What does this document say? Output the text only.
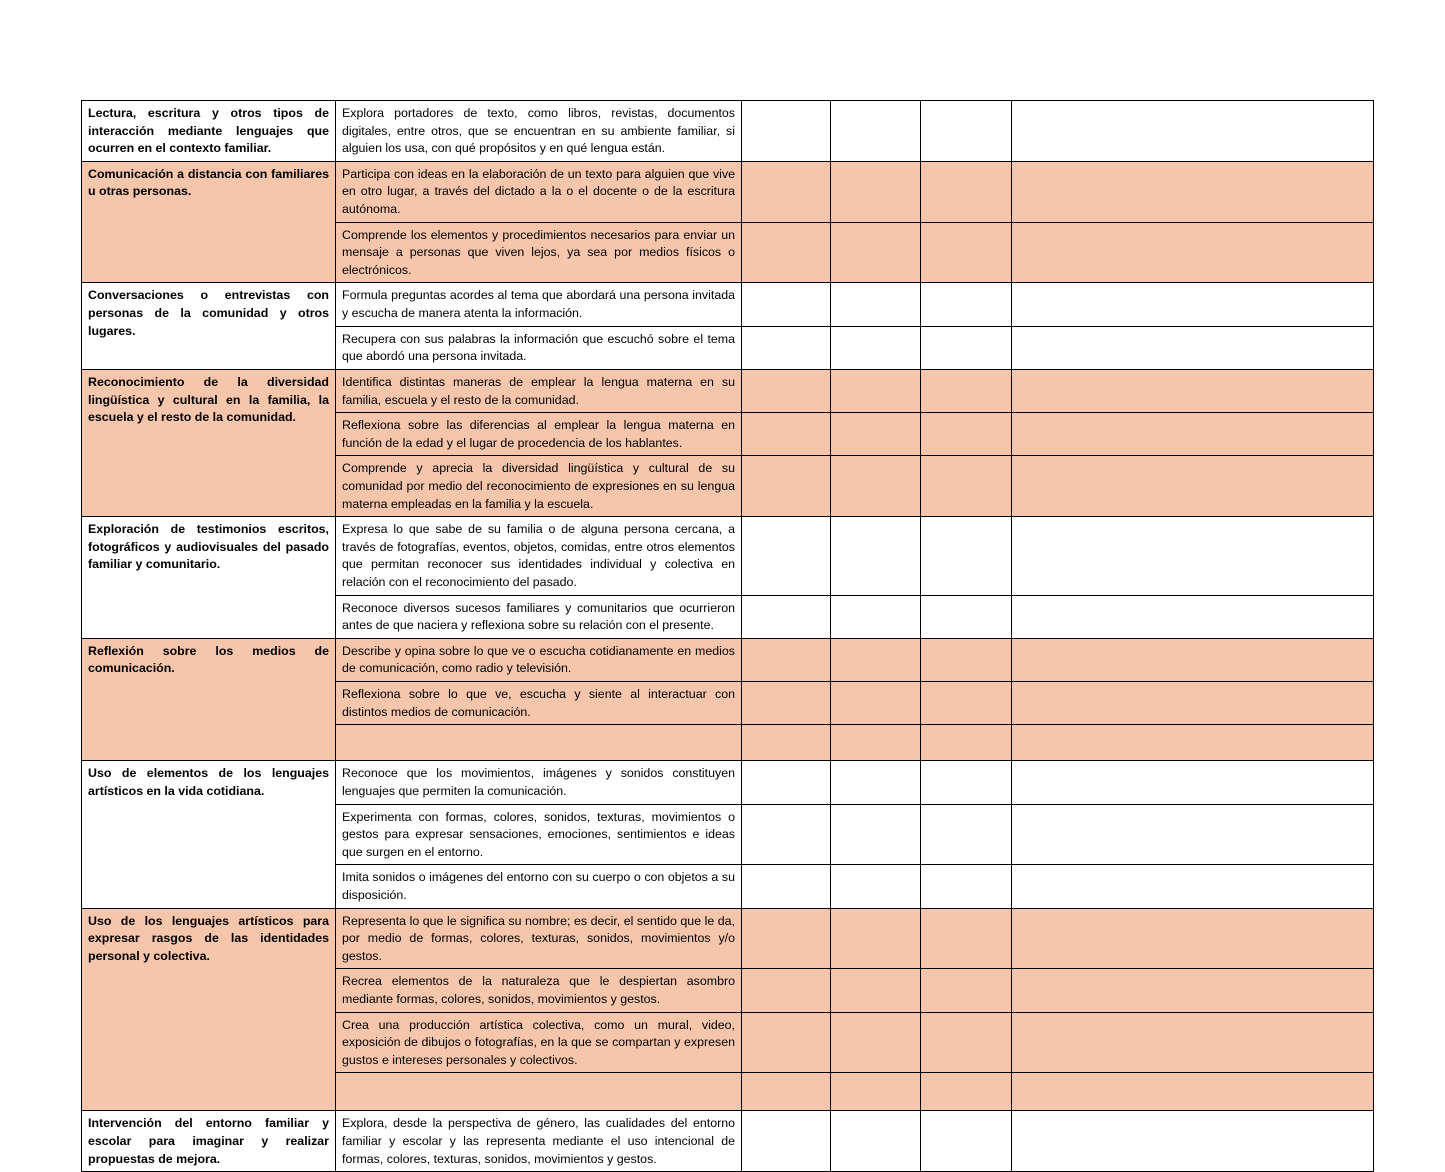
Lectura, escritura y otros tipos de interacción mediante lenguajes que ocurren en el contexto familiar.	Explora portadores de texto, como libros, revistas, documentos digitales, entre otros, que se encuentran en su ambiente familiar, si alguien los usa, con qué propósitos y en qué lengua están.				
Comunicación a distancia con familiares u otras personas.	Participa con ideas en la elaboración de un texto para alguien que vive en otro lugar, a través del dictado a la o el docente o de la escritura autónoma.				
	Comprende los elementos y procedimientos necesarios para enviar un mensaje a personas que viven lejos, ya sea por medios físicos o electrónicos.				
Conversaciones o entrevistas con personas de la comunidad y otros lugares.	Formula preguntas acordes al tema que abordará una persona invitada y escucha de manera atenta la información.				
	Recupera con sus palabras la información que escuchó sobre el tema que abordó una persona invitada.				
Reconocimiento de la diversidad lingüística y cultural en la familia, la escuela y el resto de la comunidad.	Identifica distintas maneras de emplear la lengua materna en su familia, escuela y el resto de la comunidad.				
	Reflexiona sobre las diferencias al emplear la lengua materna en función de la edad y el lugar de procedencia de los hablantes.				
	Comprende y aprecia la diversidad lingüística y cultural de su comunidad por medio del reconocimiento de expresiones en su lengua materna empleadas en la familia y la escuela.				
Exploración de testimonios escritos, fotográficos y audiovisuales del pasado familiar y comunitario.	Expresa lo que sabe de su familia o de alguna persona cercana, a través de fotografías, eventos, objetos, comidas, entre otros elementos que permitan reconocer sus identidades individual y colectiva en relación con el reconocimiento del pasado.				
	Reconoce diversos sucesos familiares y comunitarios que ocurrieron antes de que naciera y reflexiona sobre su relación con el presente.				
Reflexión sobre los medios de comunicación.	Describe y opina sobre lo que ve o escucha cotidianamente en medios de comunicación, como radio y televisión.				
	Reflexiona sobre lo que ve, escucha y siente al interactuar con distintos medios de comunicación.				

Uso de elementos de los lenguajes artísticos en la vida cotidiana.	Reconoce que los movimientos, imágenes y sonidos constituyen lenguajes que permiten la comunicación.				
	Experimenta con formas, colores, sonidos, texturas, movimientos o gestos para expresar sensaciones, emociones, sentimientos e ideas que surgen en el entorno.				
	Imita sonidos o imágenes del entorno con su cuerpo o con objetos a su disposición.				
Uso de los lenguajes artísticos para expresar rasgos de las identidades personal y colectiva.	Representa lo que le significa su nombre; es decir, el sentido que le da, por medio de formas, colores, texturas, sonidos, movimientos y/o gestos.				
	Recrea elementos de la naturaleza que le despiertan asombro mediante formas, colores, sonidos, movimientos y gestos.				
	Crea una producción artística colectiva, como un mural, video, exposición de dibujos o fotografías, en la que se compartan y expresen gustos e intereses personales y colectivos.				

Intervención del entorno familiar y escolar para imaginar y realizar propuestas de mejora.	Explora, desde la perspectiva de género, las cualidades del entorno familiar y escolar y las representa mediante el uso intencional de formas, colores, texturas, sonidos, movimientos y gestos.				
